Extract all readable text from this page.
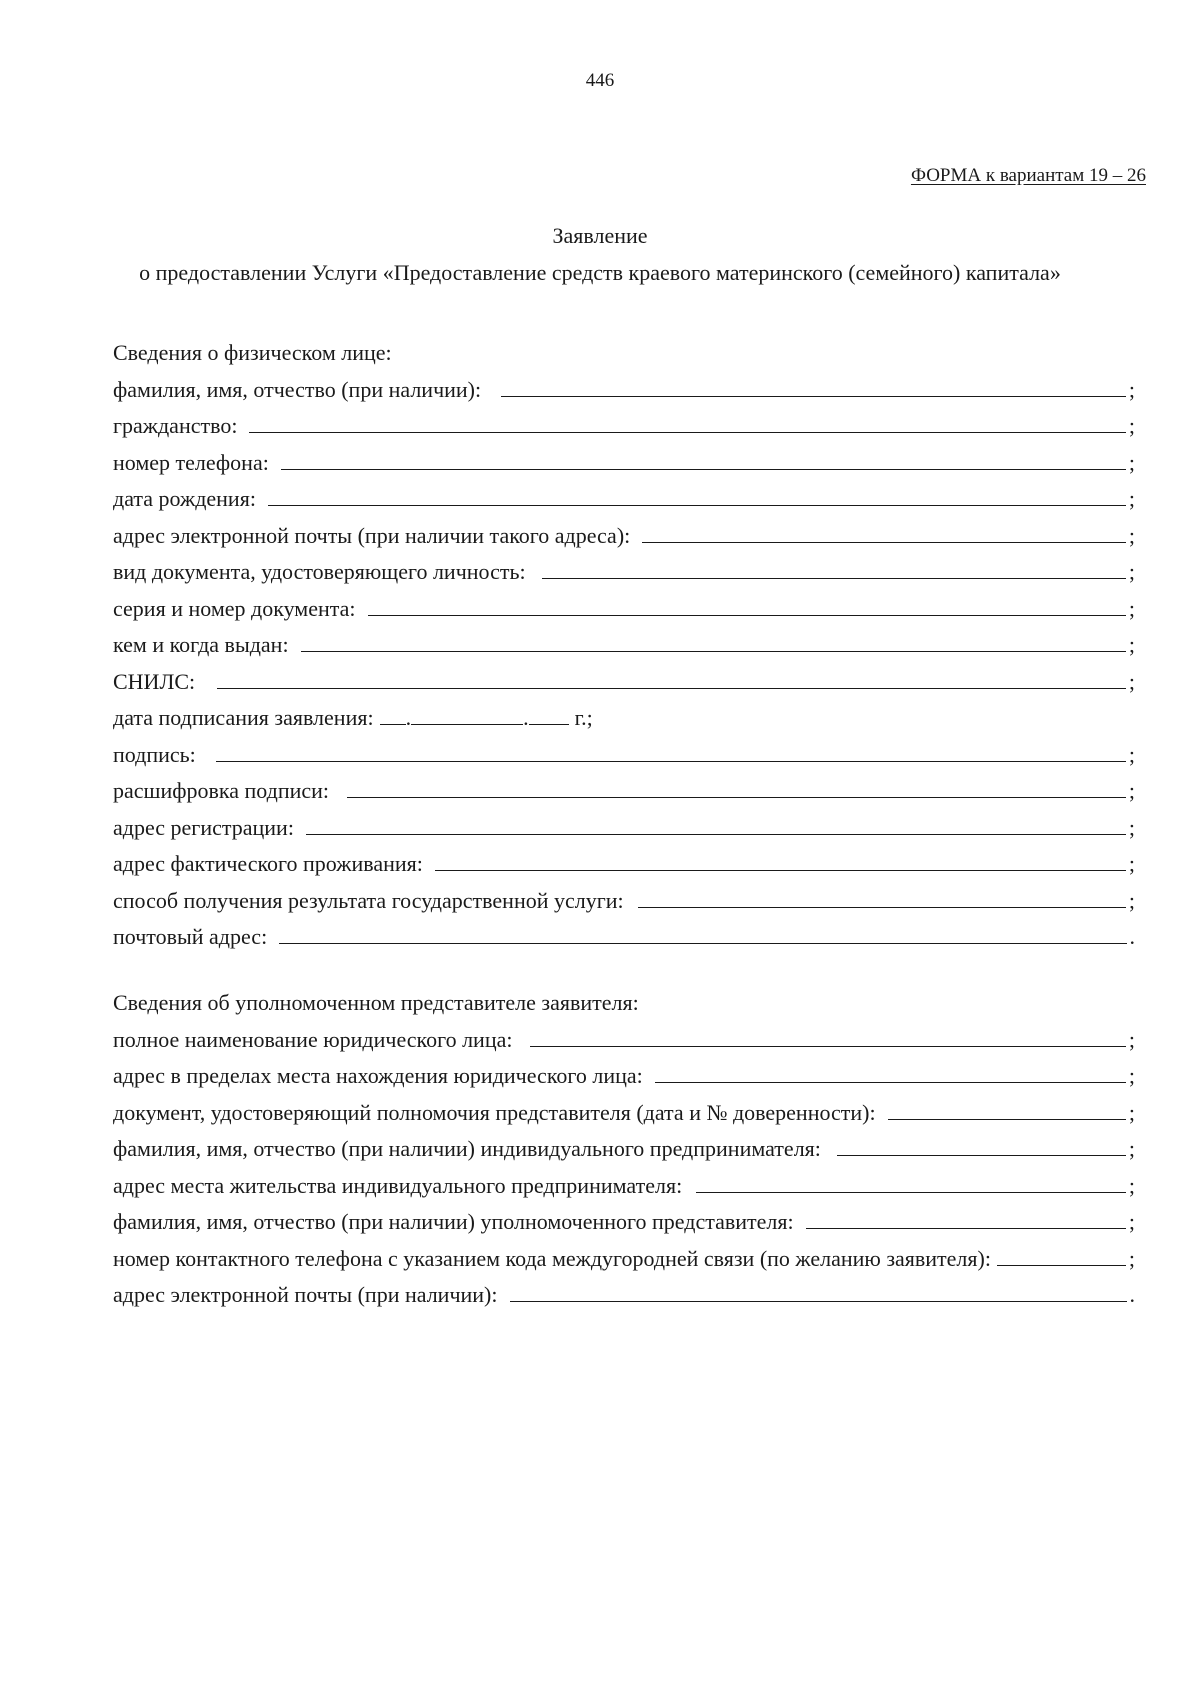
446
ФОРМА к вариантам 19 – 26
Заявление
о предоставлении Услуги «Предоставление средств краевого материнского (семейного) капитала»
Сведения о физическом лице:
фамилия, имя, отчество (при наличии):	;
гражданство:	;
номер телефона:	;
дата рождения:	;
адрес электронной почты (при наличии такого адреса):	;
вид документа, удостоверяющего личность:	;
серия и номер документа:	;
кем и когда выдан:	;
СНИЛС:	;
дата подписания заявления: .	. г.;
подпись:	;
расшифровка подписи:	;
адрес регистрации:	;
адрес фактического проживания:	;
способ получения результата государственной услуги:	;
почтовый адрес:	.
Сведения об уполномоченном представителе заявителя:
полное наименование юридического лица:	;
адрес в пределах места нахождения юридического лица:	;
документ, удостоверяющий полномочия представителя (дата и № доверенности):	;
фамилия, имя, отчество (при наличии) индивидуального предпринимателя:	;
адрес места жительства индивидуального предпринимателя:	;
фамилия, имя, отчество (при наличии) уполномоченного представителя:	;
номер контактного телефона с указанием кода междугородней связи (по желанию заявителя):	;
адрес электронной почты (при наличии):	.
